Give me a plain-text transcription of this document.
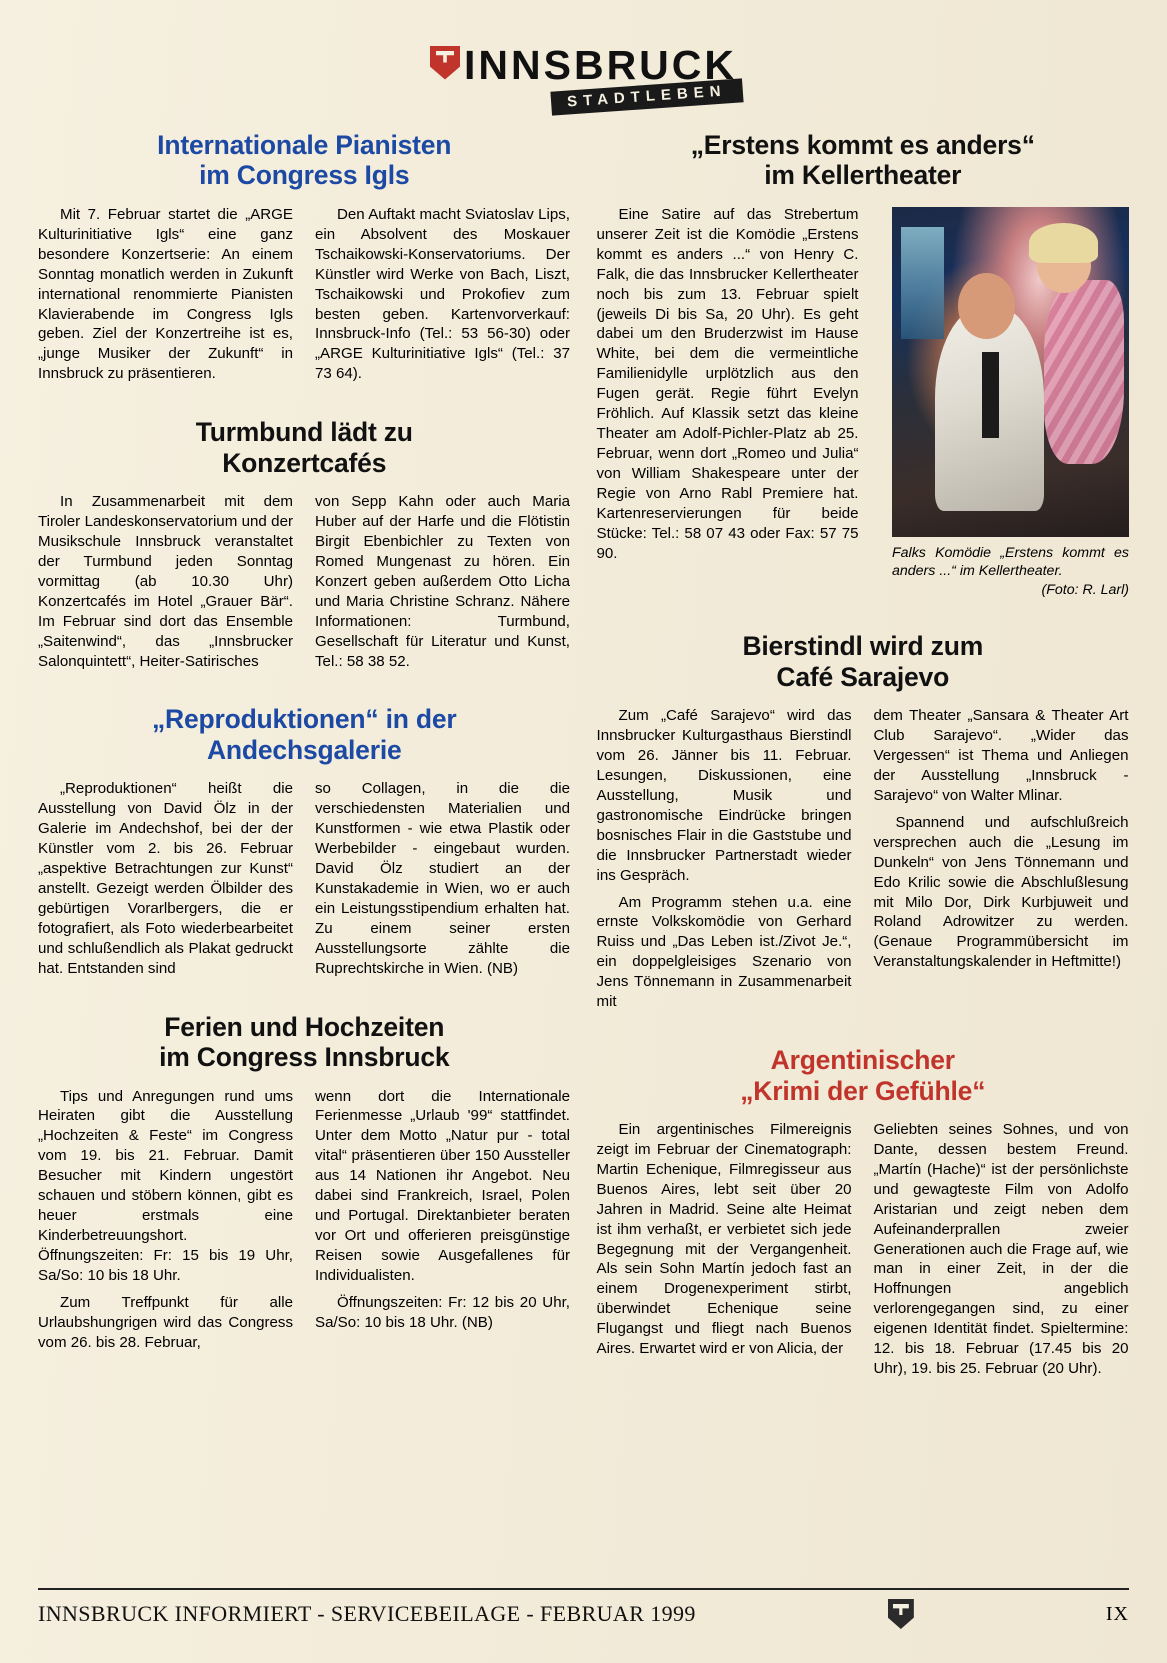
INNSBRUCK
STADTLEBEN
Internationale Pianisten
im Congress Igls

Mit 7. Februar startet die „ARGE Kulturinitiative Igls“ eine ganz besondere Konzertserie: An einem Sonntag monatlich werden in Zukunft international renommierte Pianisten Klavierabende im Congress Igls geben. Ziel der Konzertreihe ist es, „junge Musiker der Zukunft“ in Innsbruck zu präsentieren.

Den Auftakt macht Sviatoslav Lips, ein Absolvent des Moskauer Tschaikowski-Konservatoriums. Der Künstler wird Werke von Bach, Liszt, Tschaikowski und Prokofiev zum besten geben. Kartenvorverkauf: Innsbruck-Info (Tel.: 53 56-30) oder „ARGE Kulturinitiative Igls“ (Tel.: 37 73 64).

Turmbund lädt zu
Konzertcafés

In Zusammenarbeit mit dem Tiroler Landeskonservatorium und der Musikschule Innsbruck veranstaltet der Turmbund jeden Sonntag vormittag (ab 10.30 Uhr) Konzertcafés im Hotel „Grauer Bär“. Im Februar sind dort das Ensemble „Saitenwind“, das „Innsbrucker Salonquintett“, Heiter-Satirisches

von Sepp Kahn oder auch Maria Huber auf der Harfe und die Flötistin Birgit Ebenbichler zu Texten von Romed Mungenast zu hören. Ein Konzert geben außerdem Otto Licha und Maria Christine Schranz. Nähere Informationen: Turmbund, Gesellschaft für Literatur und Kunst, Tel.: 58 38 52.

„Reproduktionen“ in der
Andechsgalerie

„Reproduktionen“ heißt die Ausstellung von David Ölz in der Galerie im Andechshof, bei der der Künstler vom 2. bis 26. Februar „aspektive Betrachtungen zur Kunst“ anstellt. Gezeigt werden Ölbilder des gebürtigen Vorarlbergers, die er fotografiert, als Foto wiederbearbeitet und schlußendlich als Plakat gedruckt hat. Entstanden sind

so Collagen, in die die verschiedensten Materialien und Kunstformen - wie etwa Plastik oder Werbebilder - eingebaut wurden. David Ölz studiert an der Kunstakademie in Wien, wo er auch ein Leistungsstipendium erhalten hat. Zu einem seiner ersten Ausstellungsorte zählte die Ruprechtskirche in Wien. (NB)

Ferien und Hochzeiten
im Congress Innsbruck

Tips und Anregungen rund ums Heiraten gibt die Ausstellung „Hochzeiten & Feste“ im Congress vom 19. bis 21. Februar. Damit Besucher mit Kindern ungestört schauen und stöbern können, gibt es heuer erstmals eine Kinderbetreuungshort. Öffnungszeiten: Fr: 15 bis 19 Uhr, Sa/So: 10 bis 18 Uhr.

Zum Treffpunkt für alle Urlaubshungrigen wird das Congress vom 26. bis 28. Februar,

wenn dort die Internationale Ferienmesse „Urlaub '99“ stattfindet. Unter dem Motto „Natur pur - total vital“ präsentieren über 150 Aussteller aus 14 Nationen ihr Angebot. Neu dabei sind Frankreich, Israel, Polen und Portugal. Direktanbieter beraten vor Ort und offerieren preisgünstige Reisen sowie Ausgefallenes für Individualisten.

Öffnungszeiten: Fr: 12 bis 20 Uhr, Sa/So: 10 bis 18 Uhr. (NB)

„Erstens kommt es anders“
im Kellertheater

Falks Komödie „Erstens kommt es anders ...“ im Kellertheater.
(Foto: R. Larl)

Eine Satire auf das Strebertum unserer Zeit ist die Komödie „Erstens kommt es anders ...“ von Henry C. Falk, die das Innsbrucker Kellertheater noch bis zum 13. Februar spielt (jeweils Di bis Sa, 20 Uhr). Es geht dabei um den Bruderzwist im Hause White, bei dem die vermeintliche Familienidylle urplötzlich aus den Fugen gerät. Regie führt Evelyn Fröhlich. Auf Klassik setzt das kleine Theater am Adolf-Pichler-Platz ab 25. Februar, wenn dort „Romeo und Julia“ von William Shakespeare unter der Regie von Arno Rabl Premiere hat. Kartenreservierungen für beide Stücke: Tel.: 58 07 43 oder Fax: 57 75 90.

Bierstindl wird zum
Café Sarajevo

Zum „Café Sarajevo“ wird das Innsbrucker Kulturgasthaus Bierstindl vom 26. Jänner bis 11. Februar. Lesungen, Diskussionen, eine Ausstellung, Musik und gastronomische Eindrücke bringen bosnisches Flair in die Gaststube und die Innsbrucker Partnerstadt wieder ins Gespräch.

Am Programm stehen u.a. eine ernste Volkskomödie von Gerhard Ruiss und „Das Leben ist./Zivot Je.“, ein doppelgleisiges Szenario von Jens Tönnemann in Zusammenarbeit mit

dem Theater „Sansara & Theater Art Club Sarajevo“. „Wider das Vergessen“ ist Thema und Anliegen der Ausstellung „Innsbruck - Sarajevo“ von Walter Mlinar.

Spannend und aufschlußreich versprechen auch die „Lesung im Dunkeln“ von Jens Tönnemann und Edo Krilic sowie die Abschlußlesung mit Milo Dor, Dirk Kurbjuweit und Roland Adrowitzer zu werden. (Genaue Programmübersicht im Veranstaltungskalender in Heftmitte!)

Argentinischer
„Krimi der Gefühle“

Ein argentinisches Filmereignis zeigt im Februar der Cinematograph: Martin Echenique, Filmregisseur aus Buenos Aires, lebt seit über 20 Jahren in Madrid. Seine alte Heimat ist ihm verhaßt, er verbietet sich jede Begegnung mit der Vergangenheit. Als sein Sohn Martín jedoch fast an einem Drogenexperiment stirbt, überwindet Echenique seine Flugangst und fliegt nach Buenos Aires. Erwartet wird er von Alicia, der

Geliebten seines Sohnes, und von Dante, dessen bestem Freund. „Martín (Hache)“ ist der persönlichste und gewagteste Film von Adolfo Aristarian und zeigt neben dem Aufeinanderprallen zweier Generationen auch die Frage auf, wie man in einer Zeit, in der die Hoffnungen angeblich verlorengegangen sind, zu einer eigenen Identität findet. Spieltermine: 12. bis 18. Februar (17.45 bis 20 Uhr), 19. bis 25. Februar (20 Uhr).

INNSBRUCK INFORMIERT - SERVICEBEILAGE - FEBRUAR 1999	IX
